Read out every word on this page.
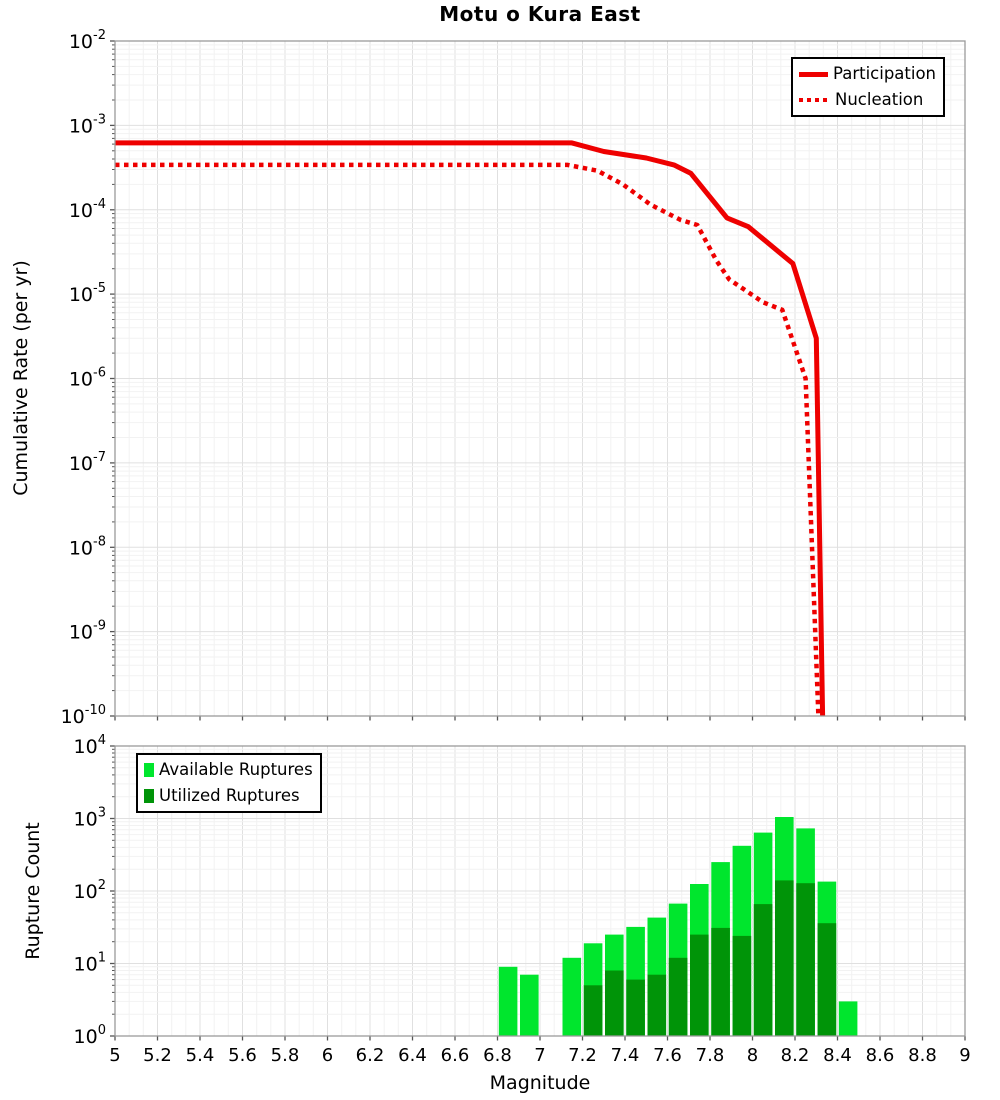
Motu o Kura East
$10^{-2}$
$10^{-3}$
$10^{-4}$
$10^{-5}$
$10^{-6}$
$10^{-7}$
$10^{-8}$
$10^{-9}$
$10^{-10}$
5 5.2 5.4 5.6 5.8 6 6.2 6.4 6.6 6.8 7 7.2 7.4 7.6 7.8 8 8.2 8.4 8.6 8.8 9
$10^4$
$10^3$
$10^2$
$10^1$
$10^0$
Cumulative Rate (per yr)
Rupture Count
Magnitude
Participation
Nucleation
Available Ruptures
Utilized Ruptures
